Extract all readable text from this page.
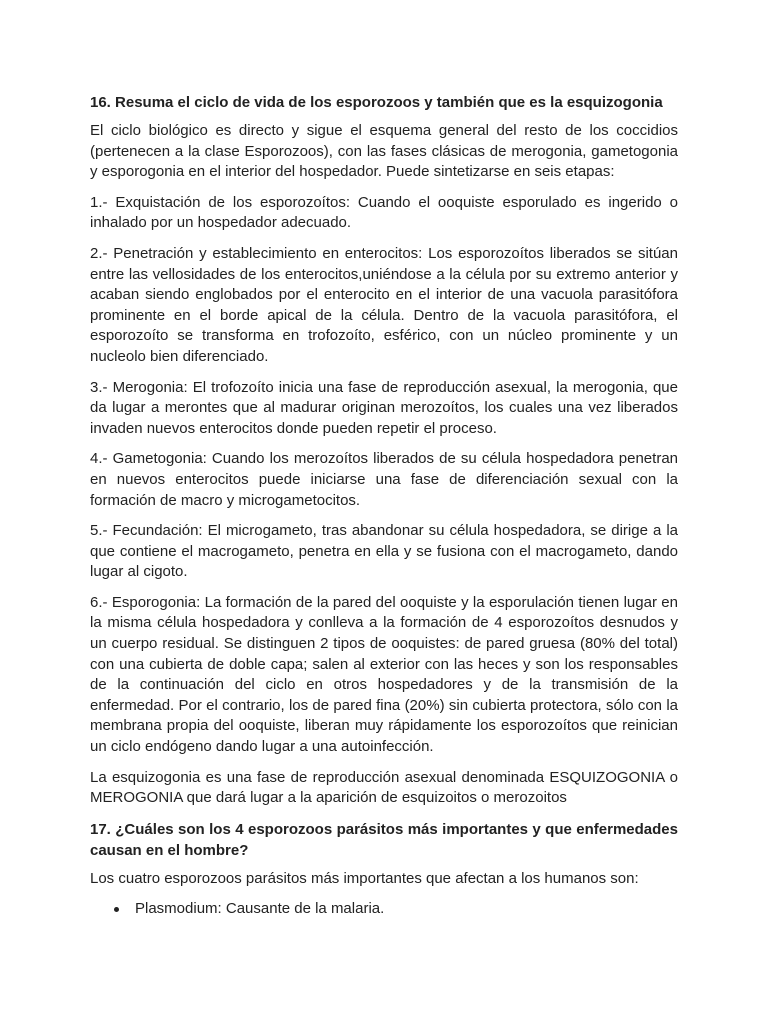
16. Resuma el ciclo de vida de los esporozoos y también que es la esquizogonia

El ciclo biológico es directo y sigue el esquema general del resto de los coccidios (pertenecen a la clase Esporozoos), con las fases clásicas de merogonia, gametogonia y esporogonia en el interior del hospedador. Puede sintetizarse en seis etapas:

1.- Exquistación de los esporozoítos: Cuando el ooquiste esporulado es ingerido o inhalado por un hospedador adecuado.

2.- Penetración y establecimiento en enterocitos: Los esporozoítos liberados se sitúan entre las vellosidades de los enterocitos,uniéndose a la célula por su extremo anterior y acaban siendo englobados por el enterocito en el interior de una vacuola parasitófora prominente en el borde apical de la célula. Dentro de la vacuola parasitófora, el esporozoíto se transforma en trofozoíto, esférico, con un núcleo prominente y un nucleolo bien diferenciado.

3.- Merogonia: El trofozoíto inicia una fase de reproducción asexual, la merogonia, que da lugar a merontes que al madurar originan merozoítos, los cuales una vez liberados invaden nuevos enterocitos donde pueden repetir el proceso.

4.- Gametogonia: Cuando los merozoítos liberados de su célula hospedadora penetran en nuevos enterocitos puede iniciarse una fase de diferenciación sexual con la formación de macro y microgametocitos.

5.- Fecundación: El microgameto, tras abandonar su célula hospedadora, se dirige a la que contiene el macrogameto, penetra en ella y se fusiona con el macrogameto, dando lugar al cigoto.

6.- Esporogonia: La formación de la pared del ooquiste y la esporulación tienen lugar en la misma célula hospedadora y conlleva a la formación de 4 esporozoítos desnudos y un cuerpo residual. Se distinguen 2 tipos de ooquistes: de pared gruesa (80% del total) con una cubierta de doble capa; salen al exterior con las heces y son los responsables de la continuación del ciclo en otros hospedadores y de la transmisión de la enfermedad. Por el contrario, los de pared fina (20%) sin cubierta protectora, sólo con la membrana propia del ooquiste, liberan muy rápidamente los esporozoítos que reinician un ciclo endógeno dando lugar a una autoinfección.

La esquizogonia es una fase de reproducción asexual denominada ESQUIZOGONIA o MEROGONIA que dará lugar a la aparición de esquizoitos o merozoitos

17. ¿Cuáles son los 4 esporozoos parásitos más importantes y que enfermedades causan en el hombre?

Los cuatro esporozoos parásitos más importantes que afectan a los humanos son:

Plasmodium: Causante de la malaria.
